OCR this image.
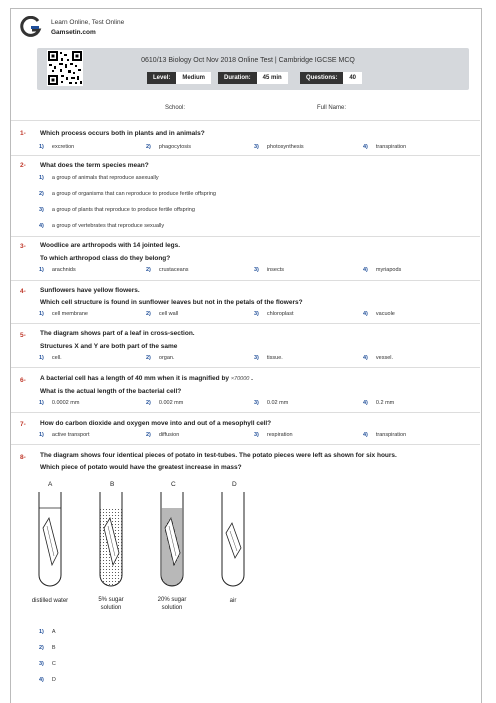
Learn Online, Test Online
Gamsetin.com
0610/13 Biology Oct Nov 2018 Online Test | Cambridge IGCSE MCQ
Level: Medium	Duration: 45 min	Questions: 40
School:	Full Name:
1- Which process occurs both in plants and in animals?
1) excretion	2) phagocytosis	3) photosynthesis	4) transpiration
2- What does the term species mean?
1) a group of animals that reproduce asexually
2) a group of organisms that can reproduce to produce fertile offspring
3) a group of plants that reproduce to produce fertile offspring
4) a group of vertebrates that reproduce sexually
3- Woodlice are arthropods with 14 jointed legs.
To which arthropod class do they belong?
1) arachnids	2) crustaceans	3) insects	4) myriapods
4- Sunflowers have yellow flowers.
Which cell structure is found in sunflower leaves but not in the petals of the flowers?
1) cell membrane	2) cell wall	3) chloroplast	4) vacuole
5- The diagram shows part of a leaf in cross-section.
Structures X and Y are both part of the same
1) cell.	2) organ.	3) tissue.	4) vessel.
6- A bacterial cell has a length of 40 mm when it is magnified by ×70000 .
What is the actual length of the bacterial cell?
1) 0.0002 mm	2) 0.002 mm	3) 0.02 mm	4) 0.2 mm
7- How do carbon dioxide and oxygen move into and out of a mesophyll cell?
1) active transport	2) diffusion	3) respiration	4) transpiration
8- The diagram shows four identical pieces of potato in test-tubes. The potato pieces were left as shown for six hours.
Which piece of potato would have the greatest increase in mass?
A	B	C	D
distilled water	5% sugar
solution
20% sugar
solution
air
1) A
2) B
3) C
4) D
